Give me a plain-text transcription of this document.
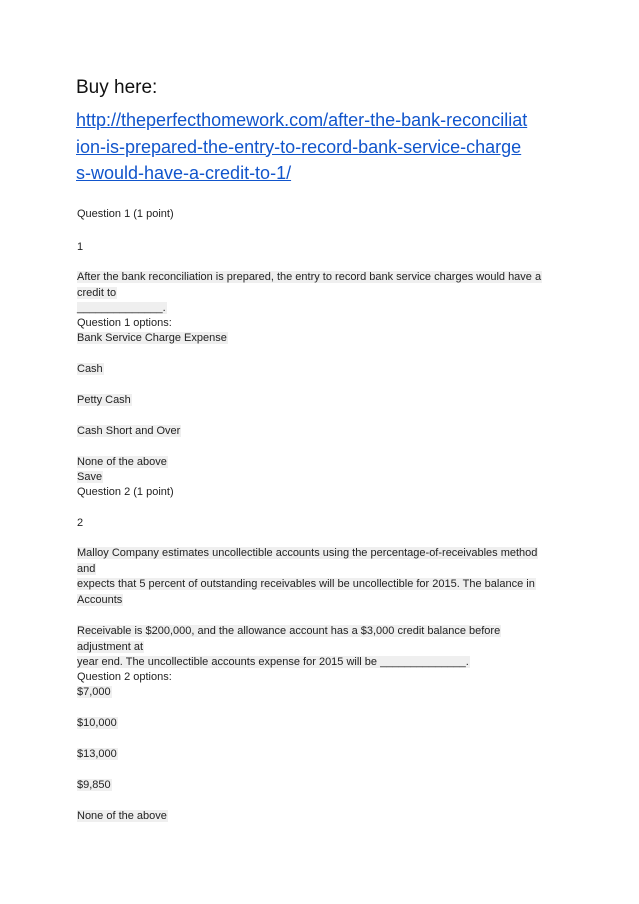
Buy here:
http://theperfecthomework.com/after-the-bank-reconciliat
ion-is-prepared-the-entry-to-record-bank-service-charge
s-would-have-a-credit-to-1/
Question 1 (1 point)
1
After the bank reconciliation is prepared, the entry to record bank service charges would have a
credit to
______________.
Question 1 options:
Bank Service Charge Expense
Cash
Petty Cash
Cash Short and Over
None of the above
Save
Question 2 (1 point)
2
Malloy Company estimates uncollectible accounts using the percentage-of-receivables method
and
expects that 5 percent of outstanding receivables will be uncollectible for 2015. The balance in
Accounts
Receivable is $200,000, and the allowance account has a $3,000 credit balance before
adjustment at
year end. The uncollectible accounts expense for 2015 will be ______________.
Question 2 options:
$7,000
$10,000
$13,000
$9,850
None of the above
